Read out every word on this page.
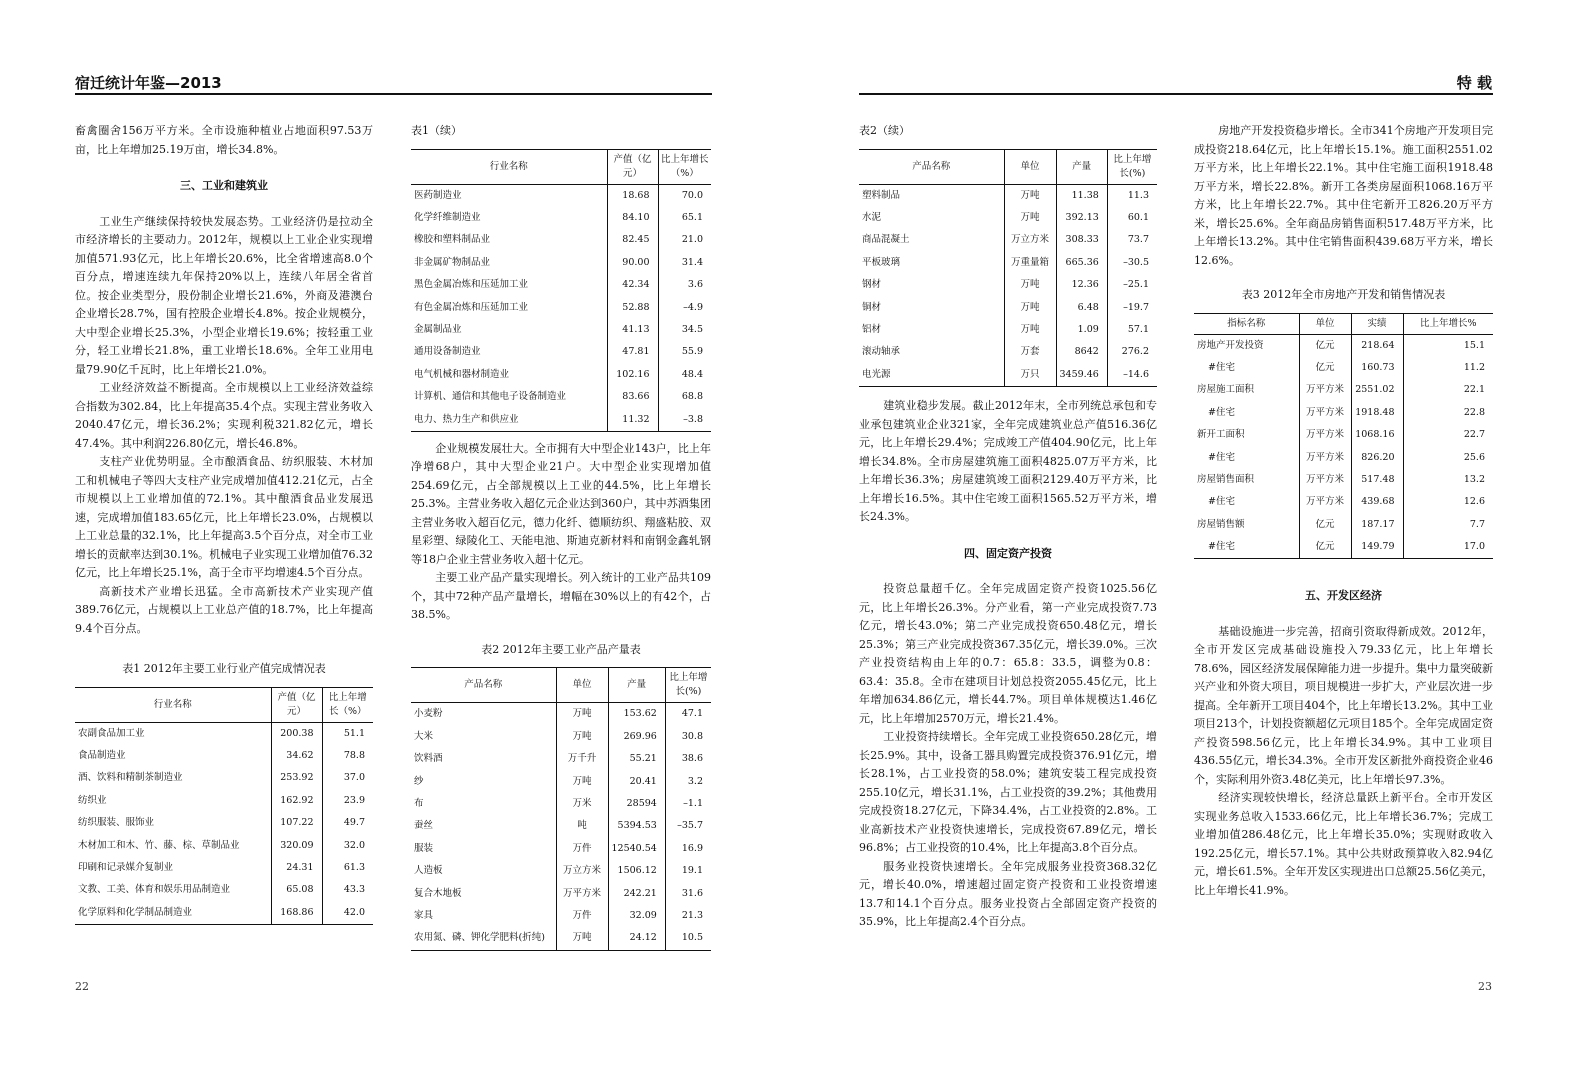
宿迁统计年鉴—2013

畜禽圈舍156万平方米。全市设施种植业占地面积97.53万亩，比上年增加25.19万亩，增长34.8%。

三、工业和建筑业

工业生产继续保持较快发展态势。工业经济仍是拉动全市经济增长的主要动力。2012年，规模以上工业企业实现增加值571.93亿元，比上年增长20.6%，比全省增速高8.0个百分点，增速连续九年保持20%以上，连续八年居全省首位。按企业类型分，股份制企业增长21.6%，外商及港澳台企业增长28.7%，国有控股企业增长4.8%。按企业规模分，大中型企业增长25.3%，小型企业增长19.6%；按轻重工业分，轻工业增长21.8%，重工业增长18.6%。全年工业用电量79.90亿千瓦时，比上年增长21.0%。

工业经济效益不断提高。全市规模以上工业经济效益综合指数为302.84，比上年提高35.4个点。实现主营业务收入2040.47亿元，增长36.2%；实现利税321.82亿元，增长47.4%。其中利润226.80亿元，增长46.8%。

支柱产业优势明显。全市酿酒食品、纺织服装、木材加工和机械电子等四大支柱产业完成增加值412.21亿元，占全市规模以上工业增加值的72.1%。其中酿酒食品业发展迅速，完成增加值183.65亿元，比上年增长23.0%，占规模以上工业总量的32.1%，比上年提高3.5个百分点，对全市工业增长的贡献率达到30.1%。机械电子业实现工业增加值76.32亿元，比上年增长25.1%，高于全市平均增速4.5个百分点。

高新技术产业增长迅猛。全市高新技术产业实现产值389.76亿元，占规模以上工业总产值的18.7%，比上年提高9.4个百分点。

表1 2012年主要工业行业产值完成情况表
行业名称	产值（亿元）	比上年增长（%）
农副食品加工业	200.38	51.1
食品制造业	34.62	78.8
酒、饮料和精制茶制造业	253.92	37.0
纺织业	162.92	23.9
纺织服装、服饰业	107.22	49.7
木材加工和木、竹、藤、棕、草制品业	320.09	32.0
印刷和记录媒介复制业	24.31	61.3
文教、工美、体育和娱乐用品制造业	65.08	43.3
化学原料和化学制品制造业	168.86	42.0
表1（续）
行业名称	产值（亿元）	比上年增长（%）
医药制造业	18.68	70.0
化学纤维制造业	84.10	65.1
橡胶和塑料制品业	82.45	21.0
非金属矿物制品业	90.00	31.4
黑色金属冶炼和压延加工业	42.34	3.6
有色金属冶炼和压延加工业	52.88	–4.9
金属制品业	41.13	34.5
通用设备制造业	47.81	55.9
电气机械和器材制造业	102.16	48.4
计算机、通信和其他电子设备制造业	83.66	68.8
电力、热力生产和供应业	11.32	–3.8

企业规模发展壮大。全市拥有大中型企业143户，比上年净增68户，其中大型企业21户。大中型企业实现增加值254.69亿元，占全部规模以上工业的44.5%，比上年增长25.3%。主营业务收入超亿元企业达到360户，其中苏酒集团主营业务收入超百亿元，德力化纤、德顺纺织、翔盛粘胶、双星彩塑、绿陵化工、天能电池、斯迪克新材料和南钢金鑫轧钢等18户企业主营业务收入超十亿元。

主要工业产品产量实现增长。列入统计的工业产品共109个，其中72种产品产量增长，增幅在30%以上的有42个，占38.5%。

表2 2012年主要工业产品产量表
产品名称	单位	产量	比上年增长(%)
小麦粉	万吨	153.62	47.1
大米	万吨	269.96	30.8
饮料酒	万千升	55.21	38.6
纱	万吨	20.41	3.2
布	万米	28594	–1.1
蚕丝	吨	5394.53	–35.7
服装	万件	12540.54	16.9
人造板	万立方米	1506.12	19.1
复合木地板	万平方米	242.21	31.6
家具	万件	32.09	21.3
农用氮、磷、钾化学肥料(折纯)	万吨	24.12	10.5
22
特 载
表2（续）
产品名称	单位	产量	比上年增长(%)
塑料制品	万吨	11.38	11.3
水泥	万吨	392.13	60.1
商品混凝土	万立方米	308.33	73.7
平板玻璃	万重量箱	665.36	–30.5
钢材	万吨	12.36	–25.1
铜材	万吨	6.48	–19.7
铝材	万吨	1.09	57.1
滚动轴承	万套	8642	276.2
电光源	万只	3459.46	–14.6

建筑业稳步发展。截止2012年末，全市列统总承包和专业承包建筑业企业321家，全年完成建筑业总产值516.36亿元，比上年增长29.4%；完成竣工产值404.90亿元，比上年增长34.8%。全市房屋建筑施工面积4825.07万平方米，比上年增长36.3%；房屋建筑竣工面积2129.40万平方米，比上年增长16.5%。其中住宅竣工面积1565.52万平方米，增长24.3%。

四、固定资产投资

投资总量超千亿。全年完成固定资产投资1025.56亿元，比上年增长26.3%。分产业看，第一产业完成投资7.73亿元，增长43.0%；第二产业完成投资650.48亿元，增长25.3%；第三产业完成投资367.35亿元，增长39.0%。三次产业投资结构由上年的0.7：65.8：33.5，调整为0.8：63.4：35.8。全市在建项目计划总投资2055.45亿元，比上年增加634.86亿元，增长44.7%。项目单体规模达1.46亿元，比上年增加2570万元，增长21.4%。

工业投资持续增长。全年完成工业投资650.28亿元，增长25.9%。其中，设备工器具购置完成投资376.91亿元，增长28.1%，占工业投资的58.0%；建筑安装工程完成投资255.10亿元，增长31.1%，占工业投资的39.2%；其他费用完成投资18.27亿元，下降34.4%，占工业投资的2.8%。工业高新技术产业投资快速增长，完成投资67.89亿元，增长96.8%；占工业投资的10.4%，比上年提高3.8个百分点。

服务业投资快速增长。全年完成服务业投资368.32亿元，增长40.0%，增速超过固定资产投资和工业投资增速13.7和14.1个百分点。服务业投资占全部固定资产投资的35.9%，比上年提高2.4个百分点。

房地产开发投资稳步增长。全市341个房地产开发项目完成投资218.64亿元，比上年增长15.1%。施工面积2551.02万平方米，比上年增长22.1%。其中住宅施工面积1918.48万平方米，增长22.8%。新开工各类房屋面积1068.16万平方米，比上年增长22.7%。其中住宅新开工826.20万平方米，增长25.6%。全年商品房销售面积517.48万平方米，比上年增长13.2%。其中住宅销售面积439.68万平方米，增长12.6%。

表3 2012年全市房地产开发和销售情况表
指标名称	单位	实绩	比上年增长%
房地产开发投资	亿元	218.64	15.1
#住宅	亿元	160.73	11.2
房屋施工面积	万平方米	2551.02	22.1
#住宅	万平方米	1918.48	22.8
新开工面积	万平方米	1068.16	22.7
#住宅	万平方米	826.20	25.6
房屋销售面积	万平方米	517.48	13.2
#住宅	万平方米	439.68	12.6
房屋销售额	亿元	187.17	7.7
#住宅	亿元	149.79	17.0
五、开发区经济

基础设施进一步完善，招商引资取得新成效。2012年，全市开发区完成基础设施投入79.33亿元，比上年增长78.6%，园区经济发展保障能力进一步提升。集中力量突破新兴产业和外资大项目，项目规模进一步扩大，产业层次进一步提高。全年新开工项目404个，比上年增长13.2%。其中工业项目213个，计划投资额超亿元项目185个。全年完成固定资产投资598.56亿元，比上年增长34.9%。其中工业项目436.55亿元，增长34.3%。全市开发区新批外商投资企业46个，实际利用外资3.48亿美元，比上年增长97.3%。

经济实现较快增长，经济总量跃上新平台。全市开发区实现业务总收入1533.66亿元，比上年增长36.7%；完成工业增加值286.48亿元，比上年增长35.0%；实现财政收入192.25亿元，增长57.1%。其中公共财政预算收入82.94亿元，增长61.5%。全年开发区实现进出口总额25.56亿美元，比上年增长41.9%。

23
